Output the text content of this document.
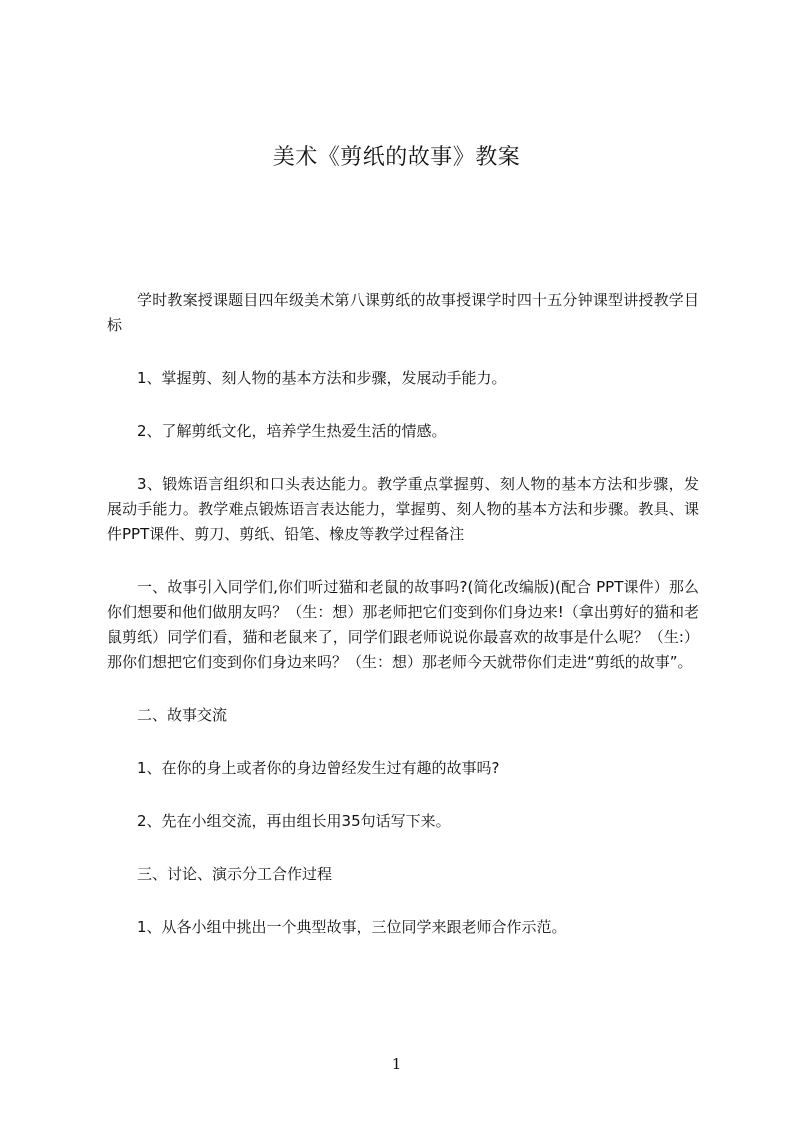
美术《剪纸的故事》教案

学时教案授课题目四年级美术第八课剪纸的故事授课学时四十五分钟课型讲授教学目标

1、掌握剪、刻人物的基本方法和步骤，发展动手能力。

2、了解剪纸文化，培养学生热爱生活的情感。

3、锻炼语言组织和口头表达能力。教学重点掌握剪、刻人物的基本方法和步骤，发展动手能力。教学难点锻炼语言表达能力，掌握剪、刻人物的基本方法和步骤。教具、课件PPT课件、剪刀、剪纸、铅笔、橡皮等教学过程备注

一、故事引入同学们,你们听过猫和老鼠的故事吗?(简化改编版)(配合 PPT课件）那么你们想要和他们做朋友吗？（生：想）那老师把它们变到你们身边来!（拿出剪好的猫和老鼠剪纸）同学们看，猫和老鼠来了，同学们跟老师说说你最喜欢的故事是什么呢？（生:）那你们想把它们变到你们身边来吗？（生：想）那老师今天就带你们走进“剪纸的故事”。

二、故事交流

1、在你的身上或者你的身边曾经发生过有趣的故事吗?

2、先在小组交流，再由组长用35句话写下来。

三、讨论、演示分工合作过程

1、从各小组中挑出一个典型故事，三位同学来跟老师合作示范。

1
